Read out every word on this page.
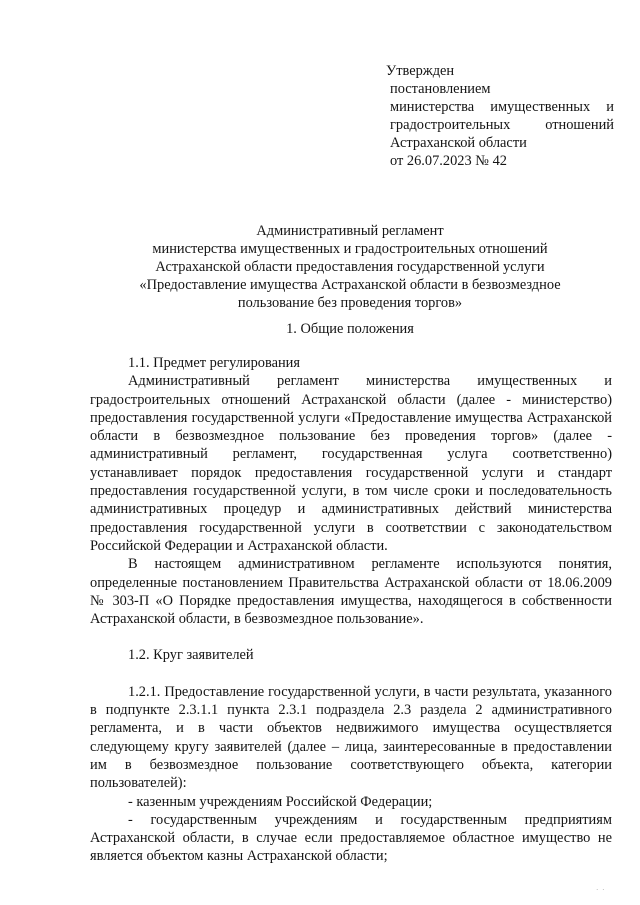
Утвержден
постановлением
министерства имущественных и
градостроительных отношений
Астраханской области
от 26.07.2023 № 42
Административный регламент
министерства имущественных и градостроительных отношений
Астраханской области предоставления государственной услуги
«Предоставление имущества Астраханской области в безвозмездное
пользование без проведения торгов»
1. Общие положения

1.1. Предмет регулирования

Административный регламент министерства имущественных и градостроительных отношений Астраханской области (далее - министерство) предоставления государственной услуги «Предоставление имущества Астраханской области в безвозмездное пользование без проведения торгов» (далее - административный регламент, государственная услуга соответственно) устанавливает порядок предоставления государственной услуги и стандарт предоставления государственной услуги, в том числе сроки и последовательность административных процедур и административных действий министерства предоставления государственной услуги в соответствии с законодательством Российской Федерации и Астраханской области.

В настоящем административном регламенте используются понятия, определенные постановлением Правительства Астраханской области от 18.06.2009 № 303-П «О Порядке предоставления имущества, находящегося в собственности Астраханской области, в безвозмездное пользование».

1.2. Круг заявителей

1.2.1. Предоставление государственной услуги, в части результата, указанного в подпункте 2.3.1.1 пункта 2.3.1 подраздела 2.3 раздела 2 административного регламента, и в части объектов недвижимого имущества осуществляется следующему кругу заявителей (далее – лица, заинтересованные в предоставлении им в безвозмездное пользование соответствующего объекта, категории пользователей):

- казенным учреждениям Российской Федерации;

- государственным учреждениям и государственным предприятиям Астраханской области, в случае если предоставляемое областное имущество не является объектом казны Астраханской области;

· ·
